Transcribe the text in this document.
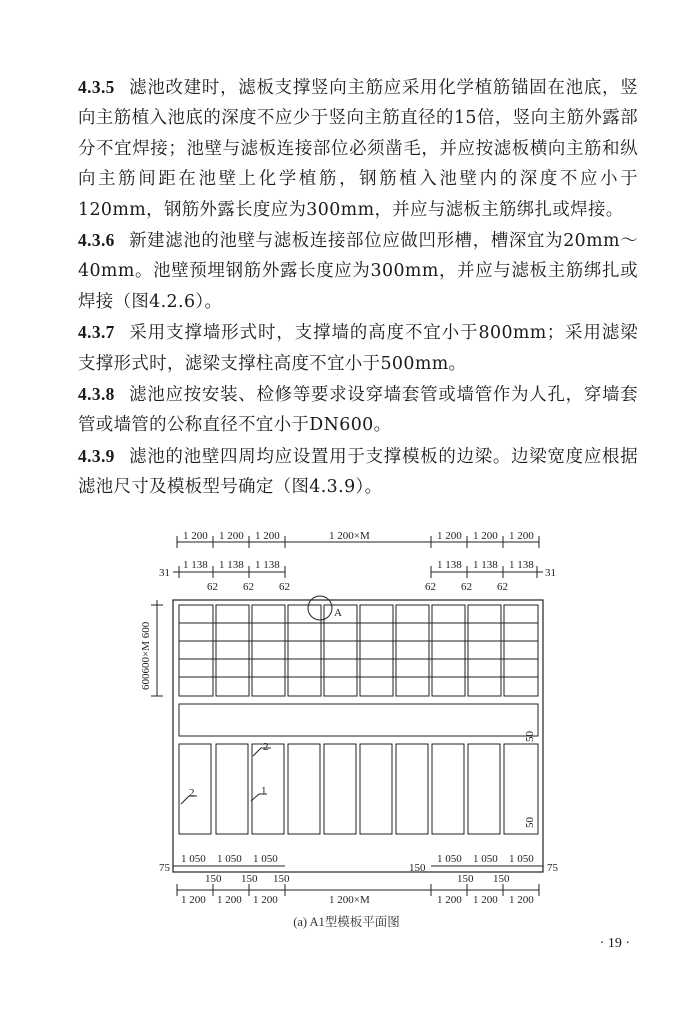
4.3.5 滤池改建时，滤板支撑竖向主筋应采用化学植筋锚固在池底，竖向主筋植入池底的深度不应少于竖向主筋直径的15倍，竖向主筋外露部分不宜焊接；池壁与滤板连接部位必须凿毛，并应按滤板横向主筋和纵向主筋间距在池壁上化学植筋，钢筋植入池壁内的深度不应小于120mm，钢筋外露长度应为300mm，并应与滤板主筋绑扎或焊接。

4.3.6 新建滤池的池壁与滤板连接部位应做凹形槽，槽深宜为20mm～40mm。池壁预埋钢筋外露长度应为300mm，并应与滤板主筋绑扎或焊接（图4.2.6）。

4.3.7 采用支撑墙形式时，支撑墙的高度不宜小于800mm；采用滤梁支撑形式时，滤梁支撑柱高度不宜小于500mm。

4.3.8 滤池应按安装、检修等要求设穿墙套管或墙管作为人孔，穿墙套管或墙管的公称直径不宜小于DN600。

4.3.9 滤池的池壁四周均应设置用于支撑模板的边梁。边梁宽度应根据滤池尺寸及模板型号确定（图4.3.9）。

1 200 1 200 1 200	1 200×M	1 200 1 200 1 200
1 138 1 138 1 138	1 138 1 138 1 138
31	31
62 62 62	62 62 62
A
600600×M 600
50
50
2
2	1
1 050 1 050 1 050	1 050 1 050 1 050
75	75
150
150 150 150	150 150
1 200 1 200 1 200	1 200×M	1 200 1 200 1 200
(a) A1型模板平面图
· 19 ·
